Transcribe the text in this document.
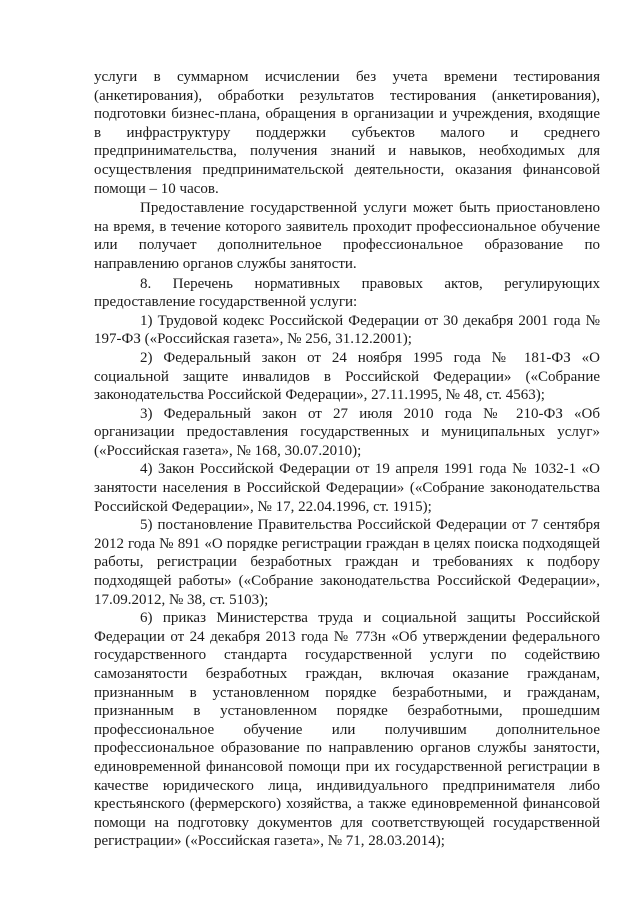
услуги в суммарном исчислении без учета времени тестирования (анкетирования), обработки результатов тестирования (анкетирования), подготовки бизнес-плана, обращения в организации и учреждения, входящие в инфраструктуру поддержки субъектов малого и среднего предпринимательства, получения знаний и навыков, необходимых для осуществления предпринимательской деятельности, оказания финансовой помощи – 10 часов.

Предоставление государственной услуги может быть приостановлено на время, в течение которого заявитель проходит профессиональное обучение или получает дополнительное профессиональное образование по направлению органов службы занятости.

8. Перечень нормативных правовых актов, регулирующих предоставление государственной услуги:

1) Трудовой кодекс Российской Федерации от 30 декабря 2001 года № 197-ФЗ («Российская газета», № 256, 31.12.2001);

2) Федеральный закон от 24 ноября 1995 года № 181-ФЗ «О социальной защите инвалидов в Российской Федерации» («Собрание законодательства Российской Федерации», 27.11.1995, № 48, ст. 4563);

3) Федеральный закон от 27 июля 2010 года № 210-ФЗ «Об организации предоставления государственных и муниципальных услуг» («Российская газета», № 168, 30.07.2010);

4) Закон Российской Федерации от 19 апреля 1991 года № 1032-1 «О занятости населения в Российской Федерации» («Собрание законодательства Российской Федерации», № 17, 22.04.1996, ст. 1915);

5) постановление Правительства Российской Федерации от 7 сентября 2012 года № 891 «О порядке регистрации граждан в целях поиска подходящей работы, регистрации безработных граждан и требованиях к подбору подходящей работы» («Собрание законодательства Российской Федерации», 17.09.2012, № 38, ст. 5103);

6) приказ Министерства труда и социальной защиты Российской Федерации от 24 декабря 2013 года № 773н «Об утверждении федерального государственного стандарта государственной услуги по содействию самозанятости безработных граждан, включая оказание гражданам, признанным в установленном порядке безработными, и гражданам, признанным в установленном порядке безработными, прошедшим профессиональное обучение или получившим дополнительное профессиональное образование по направлению органов службы занятости, единовременной финансовой помощи при их государственной регистрации в качестве юридического лица, индивидуального предпринимателя либо крестьянского (фермерского) хозяйства, а также единовременной финансовой помощи на подготовку документов для соответствующей государственной регистрации» («Российская газета», № 71, 28.03.2014);
